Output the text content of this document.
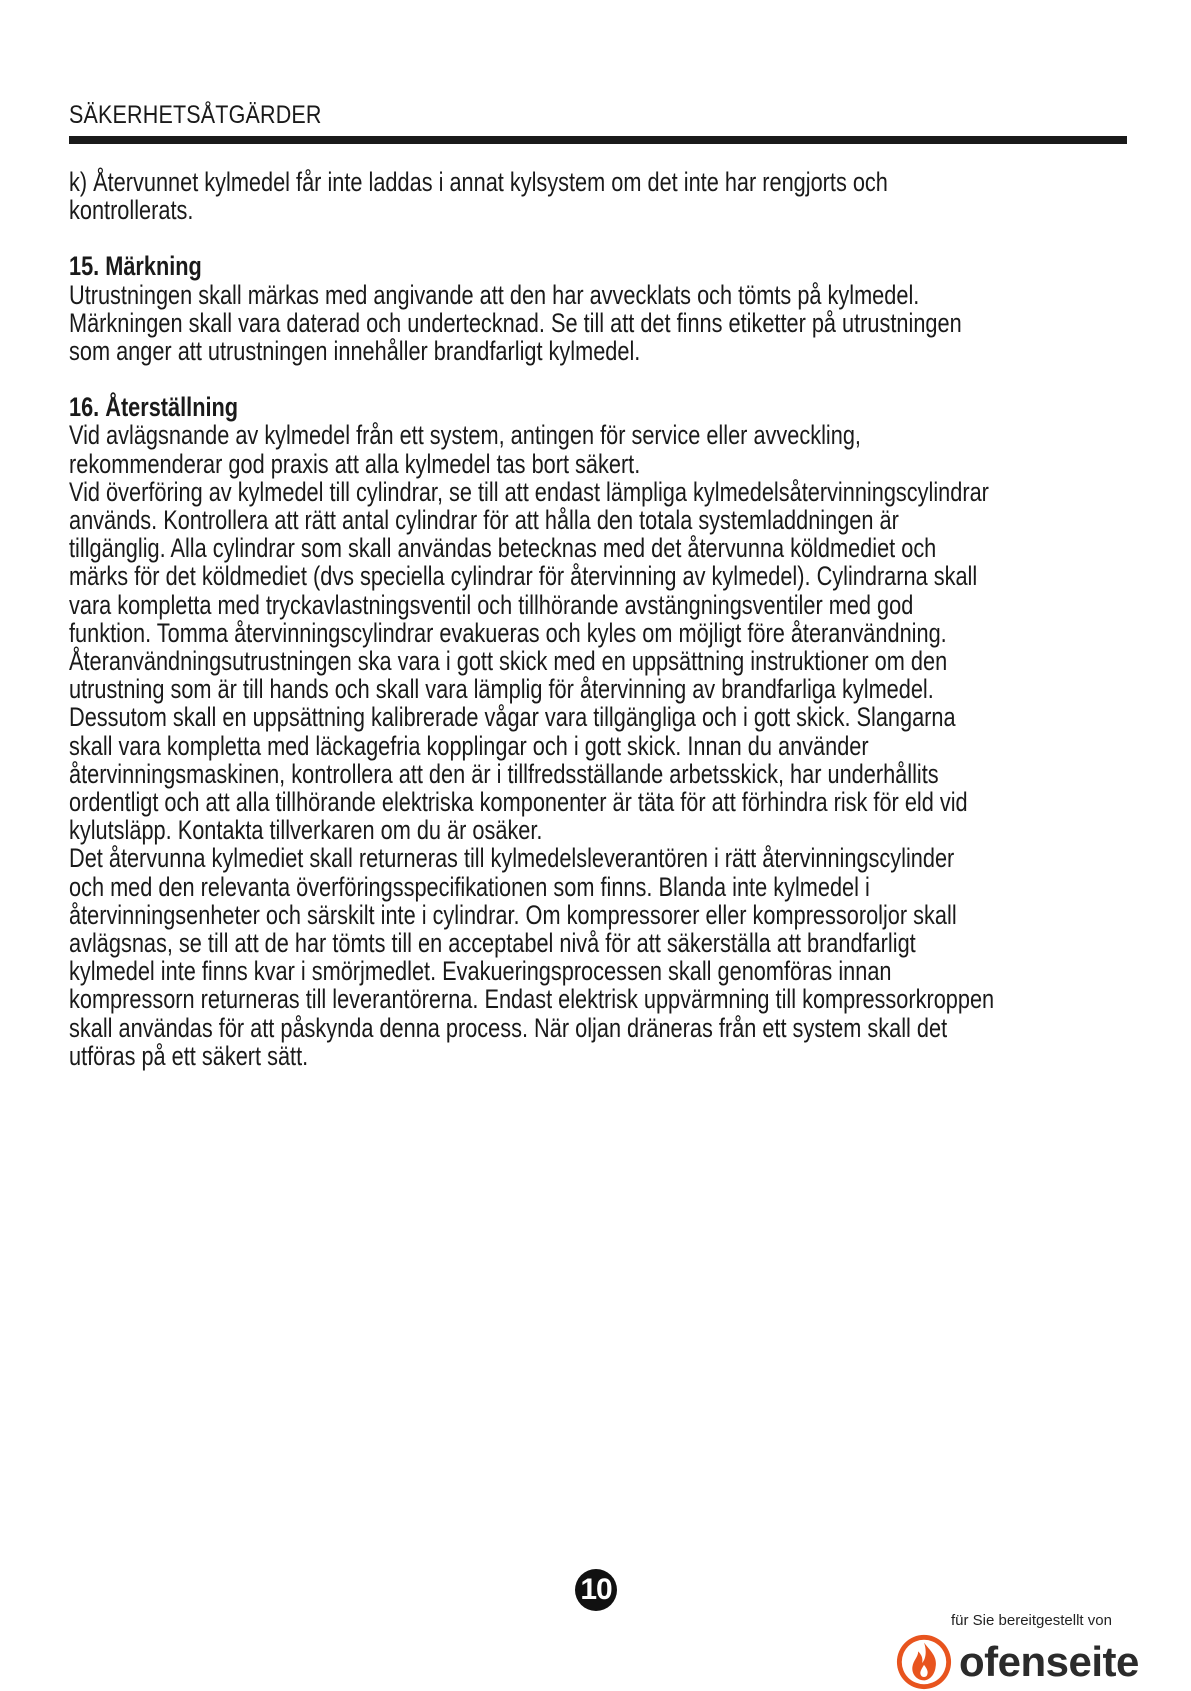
SÄKERHETSÅTGÄRDER

k) Återvunnet kylmedel får inte laddas i annat kylsystem om det inte har rengjorts och

kontrollerats.

15. Märkning

Utrustningen skall märkas med angivande att den har avvecklats och tömts på kylmedel.

Märkningen skall vara daterad och undertecknad. Se till att det finns etiketter på utrustningen

som anger att utrustningen innehåller brandfarligt kylmedel.

16. Återställning

Vid avlägsnande av kylmedel från ett system, antingen för service eller avveckling,

rekommenderar god praxis att alla kylmedel tas bort säkert.

Vid överföring av kylmedel till cylindrar, se till att endast lämpliga kylmedelsåtervinningscylindrar

används. Kontrollera att rätt antal cylindrar för att hålla den totala systemladdningen är

tillgänglig. Alla cylindrar som skall användas betecknas med det återvunna köldmediet och

märks för det köldmediet (dvs speciella cylindrar för återvinning av kylmedel). Cylindrarna skall

vara kompletta med tryckavlastningsventil och tillhörande avstängningsventiler med god

funktion. Tomma återvinningscylindrar evakueras och kyles om möjligt före återanvändning.

Återanvändningsutrustningen ska vara i gott skick med en uppsättning instruktioner om den

utrustning som är till hands och skall vara lämplig för återvinning av brandfarliga kylmedel.

Dessutom skall en uppsättning kalibrerade vågar vara tillgängliga och i gott skick. Slangarna

skall vara kompletta med läckagefria kopplingar och i gott skick. Innan du använder

återvinningsmaskinen, kontrollera att den är i tillfredsställande arbetsskick, har underhållits

ordentligt och att alla tillhörande elektriska komponenter är täta för att förhindra risk för eld vid

kylutsläpp. Kontakta tillverkaren om du är osäker.

Det återvunna kylmediet skall returneras till kylmedelsleverantören i rätt återvinningscylinder

och med den relevanta överföringsspecifikationen som finns. Blanda inte kylmedel i

återvinningsenheter och särskilt inte i cylindrar. Om kompressorer eller kompressoroljor skall

avlägsnas, se till att de har tömts till en acceptabel nivå för att säkerställa att brandfarligt

kylmedel inte finns kvar i smörjmedlet. Evakueringsprocessen skall genomföras innan

kompressorn returneras till leverantörerna. Endast elektrisk uppvärmning till kompressorkroppen

skall användas för att påskynda denna process. När oljan dräneras från ett system skall det

utföras på ett säkert sätt.

10
für Sie bereitgestellt von
ofenseite
